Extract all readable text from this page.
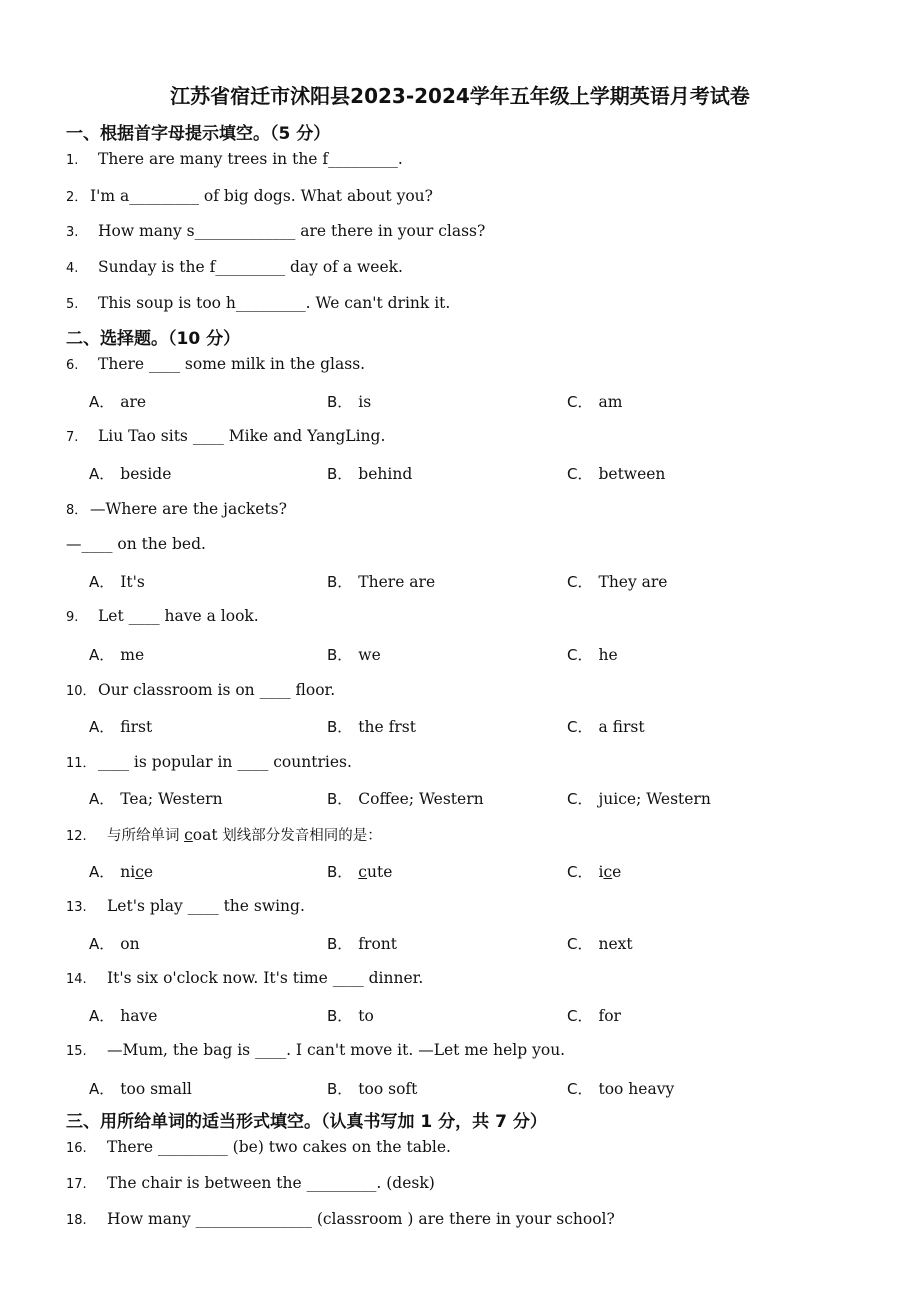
江苏省宿迁市沭阳县2023-2024学年五年级上学期英语月考试卷
一、根据首字母提示填空。（5 分）
1. There are many trees in the f_________.
2． I'm a_________ of big dogs. What about you?
3. How many s_____________ are there in your class?
4. Sunday is the f_________ day of a week.
5. This soup is too h_________. We can't drink it.
二、选择题。（10 分）
6. There ____ some milk in the glass.
A． are	B． is	C． am
7. Liu Tao sits ____ Mike and YangLing.
A． beside	B． behind	C． between
8． —Where are the jackets?
—____ on the bed.
A． It's	B． There are	C． They are
9. Let ____ have a look.
A． me	B． we	C． he
10． Our classroom is on ____ floor.
A． first	B． the frst	C． a first
11． ____ is popular in ____ countries.
A． Tea; Western	B． Coffee; Western	C． juice; Western
12. 与所给单词 coat 划线部分发音相同的是：
A． nice	B． cute	C． ice
13. Let's play ____ the swing.
A． on	B． front	C． next
14. It's six o'clock now. It's time ____ dinner.
A． have	B． to	C． for
15. —Mum, the bag is ____. I can't move it. —Let me help you.
A． too small	B． too soft	C． too heavy
三、用所给单词的适当形式填空。（认真书写加 1 分，共 7 分）
16. There _________ (be) two cakes on the table.
17. The chair is between the _________. (desk)
18. How many _______________ (classroom ) are there in your school?
